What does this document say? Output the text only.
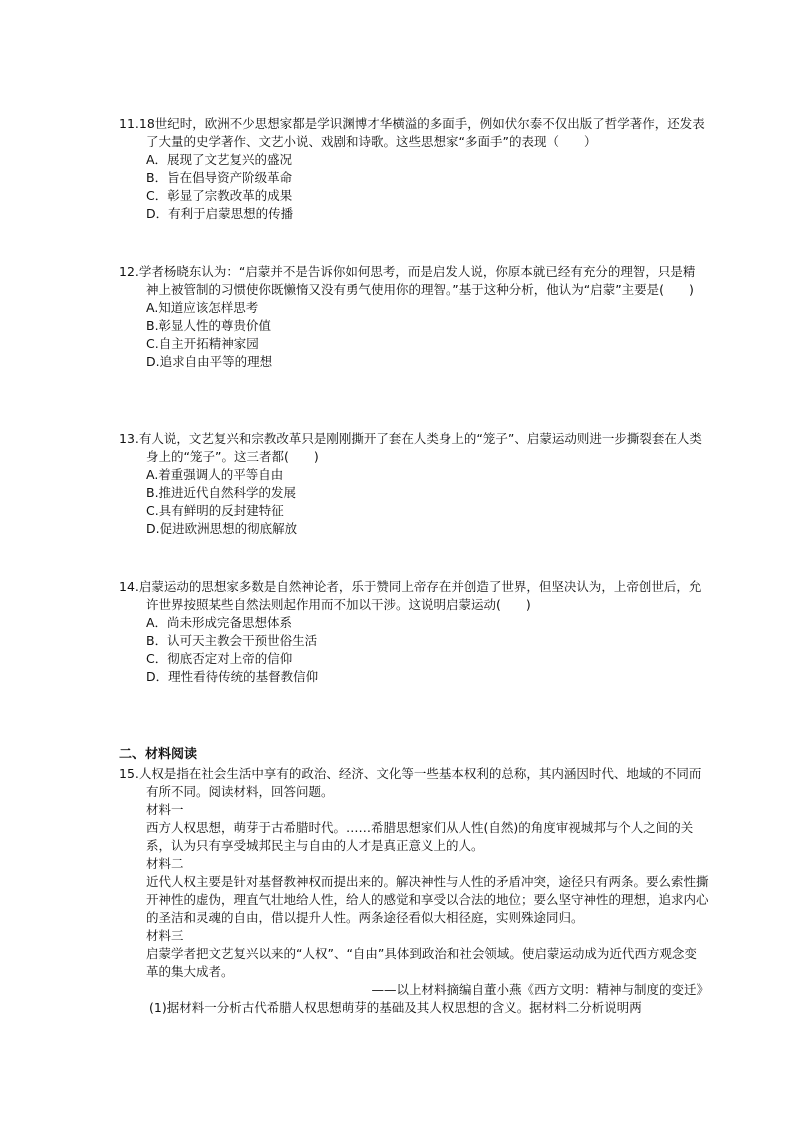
11.18世纪时，欧洲不少思想家都是学识渊博才华横溢的多面手，例如伏尔泰不仅出版了哲学著作，还发表了大量的史学著作、文艺小说、戏剧和诗歌。这些思想家“多面手”的表现（　　）

A．展现了文艺复兴的盛况

B．旨在倡导资产阶级革命

C．彰显了宗教改革的成果

D．有利于启蒙思想的传播

12.学者杨晓东认为：“启蒙并不是告诉你如何思考，而是启发人说，你原本就已经有充分的理智，只是精神上被管制的习惯使你既懒惰又没有勇气使用你的理智。”基于这种分析，他认为“启蒙”主要是(　　)

A.知道应该怎样思考

B.彰显人性的尊贵价值

C.自主开拓精神家园

D.追求自由平等的理想

13.有人说，文艺复兴和宗教改革只是刚刚撕开了套在人类身上的“笼子”、启蒙运动则进一步撕裂套在人类身上的“笼子”。这三者都(　　)

A.着重强调人的平等自由

B.推进近代自然科学的发展

C.具有鲜明的反封建特征

D.促进欧洲思想的彻底解放

14.启蒙运动的思想家多数是自然神论者，乐于赞同上帝存在并创造了世界，但坚决认为，上帝创世后，允许世界按照某些自然法则起作用而不加以干涉。这说明启蒙运动(　　)

A．尚未形成完备思想体系

B．认可天主教会干预世俗生活

C．彻底否定对上帝的信仰

D．理性看待传统的基督教信仰

二、材料阅读

15.人权是指在社会生活中享有的政治、经济、文化等一些基本权利的总称，其内涵因时代、地域的不同而有所不同。阅读材料，回答问题。

材料一

西方人权思想，萌芽于古希腊时代。……希腊思想家们从人性(自然)的角度审视城邦与个人之间的关系，认为只有享受城邦民主与自由的人才是真正意义上的人。

材料二

近代人权主要是针对基督教神权而提出来的。解决神性与人性的矛盾冲突，途径只有两条。要么索性撕开神性的虚伪，理直气壮地给人性，给人的感觉和享受以合法的地位；要么坚守神性的理想，追求内心的圣洁和灵魂的自由，借以提升人性。两条途径看似大相径庭，实则殊途同归。

材料三

启蒙学者把文艺复兴以来的“人权”、“自由”具体到政治和社会领域。使启蒙运动成为近代西方观念变革的集大成者。

——以上材料摘编自董小燕《西方文明：精神与制度的变迁》

(1)据材料一分析古代希腊人权思想萌芽的基础及其人权思想的含义。据材料二分析说明两
